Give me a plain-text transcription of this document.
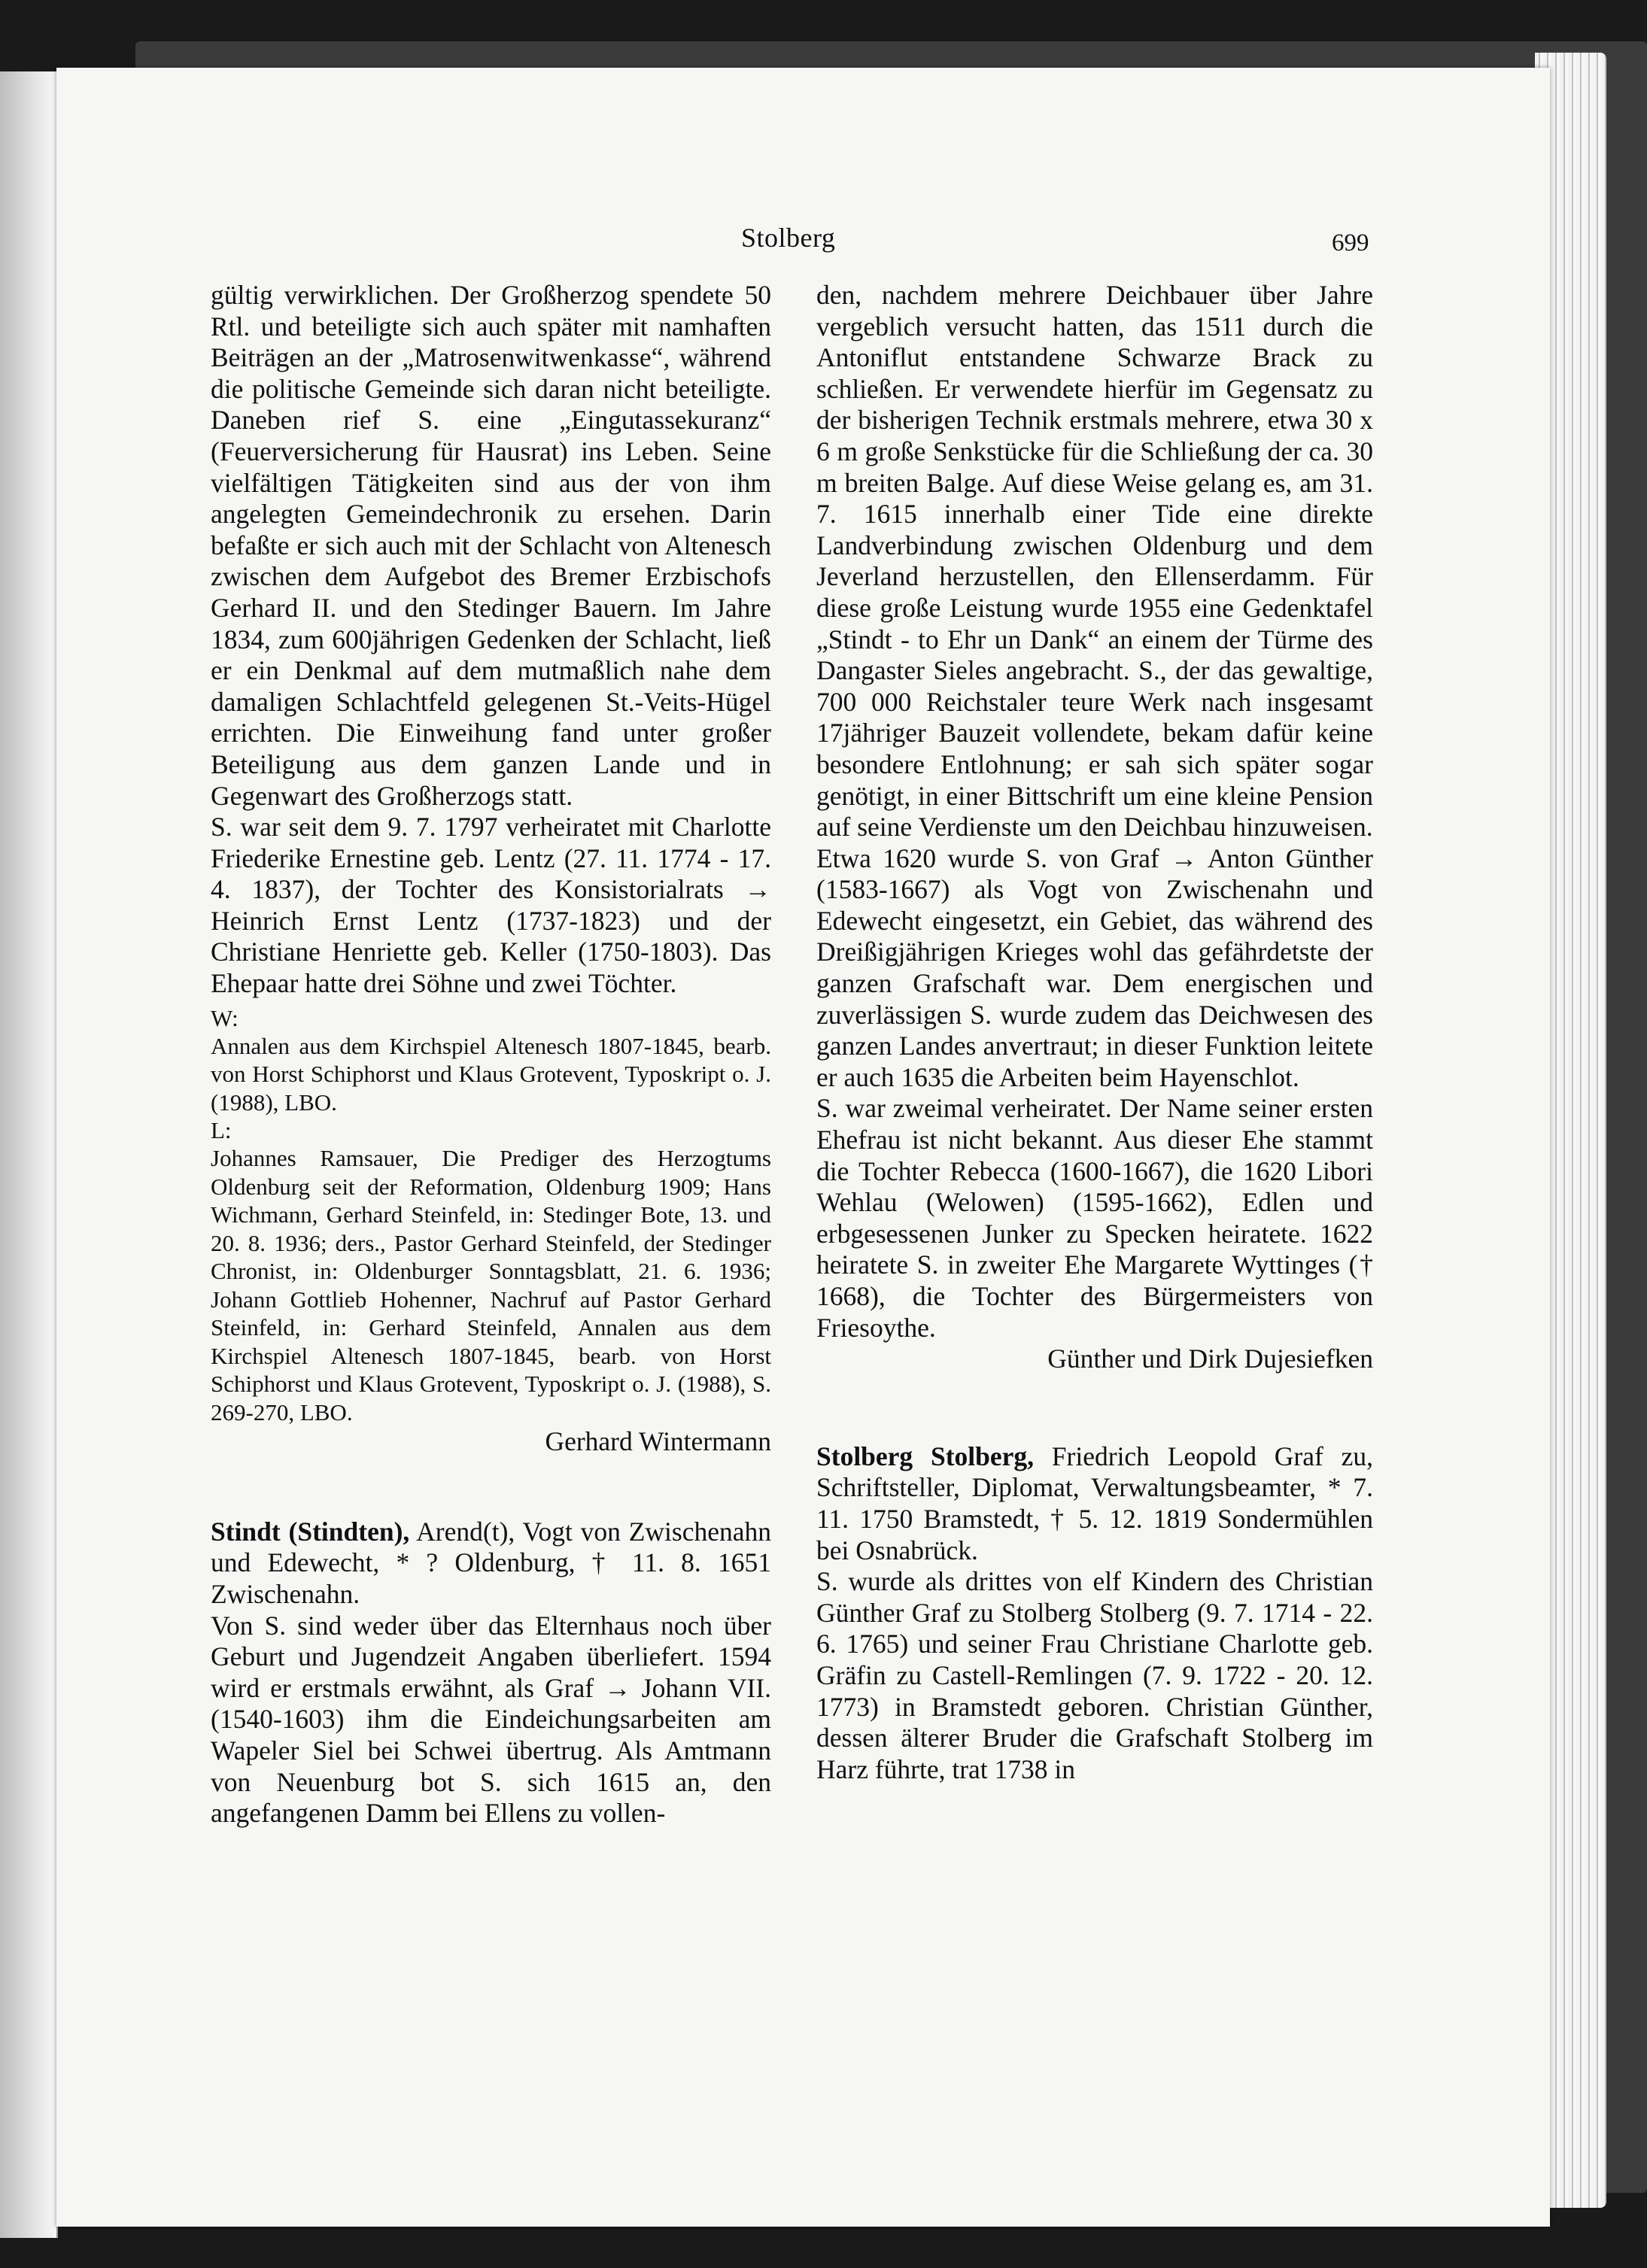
Stolberg	699

gültig verwirklichen. Der Großherzog spendete 50 Rtl. und beteiligte sich auch später mit namhaften Beiträgen an der „Matrosenwitwenkasse“, während die politische Gemeinde sich daran nicht beteiligte. Daneben rief S. eine „Eingutassekuranz“ (Feuerversicherung für Hausrat) ins Leben. Seine vielfältigen Tätigkeiten sind aus der von ihm angelegten Gemeindechronik zu ersehen. Darin befaßte er sich auch mit der Schlacht von Altenesch zwischen dem Aufgebot des Bremer Erzbischofs Gerhard II. und den Stedinger Bauern. Im Jahre 1834, zum 600jährigen Gedenken der Schlacht, ließ er ein Denkmal auf dem mutmaßlich nahe dem damaligen Schlachtfeld gelegenen St.-Veits-Hügel errichten. Die Einweihung fand unter großer Beteiligung aus dem ganzen Lande und in Gegenwart des Großherzogs statt.

S. war seit dem 9. 7. 1797 verheiratet mit Charlotte Friederike Ernestine geb. Lentz (27. 11. 1774 - 17. 4. 1837), der Tochter des Konsistorialrats → Heinrich Ernst Lentz (1737-1823) und der Christiane Henriette geb. Keller (1750-1803). Das Ehepaar hatte drei Söhne und zwei Töchter.

W:

Annalen aus dem Kirchspiel Altenesch 1807-1845, bearb. von Horst Schiphorst und Klaus Grotevent, Typoskript o. J. (1988), LBO.

L:

Johannes Ramsauer, Die Prediger des Herzogtums Oldenburg seit der Reformation, Oldenburg 1909; Hans Wichmann, Gerhard Steinfeld, in: Stedinger Bote, 13. und 20. 8. 1936; ders., Pastor Gerhard Steinfeld, der Stedinger Chronist, in: Oldenburger Sonntagsblatt, 21. 6. 1936; Johann Gottlieb Hohenner, Nachruf auf Pastor Gerhard Steinfeld, in: Gerhard Steinfeld, Annalen aus dem Kirchspiel Altenesch 1807-1845, bearb. von Horst Schiphorst und Klaus Grotevent, Typoskript o. J. (1988), S. 269-270, LBO.

Gerhard Wintermann

Stindt (Stindten), Arend(t), Vogt von Zwischenahn und Edewecht, * ? Oldenburg, † 11. 8. 1651 Zwischenahn.

Von S. sind weder über das Elternhaus noch über Geburt und Jugendzeit Angaben überliefert. 1594 wird er erstmals erwähnt, als Graf → Johann VII. (1540-1603) ihm die Eindeichungsarbeiten am Wapeler Siel bei Schwei übertrug. Als Amtmann von Neuenburg bot S. sich 1615 an, den angefangenen Damm bei Ellens zu vollen-

den, nachdem mehrere Deichbauer über Jahre vergeblich versucht hatten, das 1511 durch die Antoniflut entstandene Schwarze Brack zu schließen. Er verwendete hierfür im Gegensatz zu der bisherigen Technik erstmals mehrere, etwa 30 x 6 m große Senkstücke für die Schließung der ca. 30 m breiten Balge. Auf diese Weise gelang es, am 31. 7. 1615 innerhalb einer Tide eine direkte Landverbindung zwischen Oldenburg und dem Jeverland herzustellen, den Ellenserdamm. Für diese große Leistung wurde 1955 eine Gedenktafel „Stindt - to Ehr un Dank“ an einem der Türme des Dangaster Sieles angebracht. S., der das gewaltige, 700 000 Reichstaler teure Werk nach insgesamt 17jähriger Bauzeit vollendete, bekam dafür keine besondere Entlohnung; er sah sich später sogar genötigt, in einer Bittschrift um eine kleine Pension auf seine Verdienste um den Deichbau hinzuweisen.

Etwa 1620 wurde S. von Graf → Anton Günther (1583-1667) als Vogt von Zwischenahn und Edewecht eingesetzt, ein Gebiet, das während des Dreißigjährigen Krieges wohl das gefährdetste der ganzen Grafschaft war. Dem energischen und zuverlässigen S. wurde zudem das Deichwesen des ganzen Landes anvertraut; in dieser Funktion leitete er auch 1635 die Arbeiten beim Hayenschlot.

S. war zweimal verheiratet. Der Name seiner ersten Ehefrau ist nicht bekannt. Aus dieser Ehe stammt die Tochter Rebecca (1600-1667), die 1620 Libori Wehlau (Welowen) (1595-1662), Edlen und erbgesessenen Junker zu Specken heiratete. 1622 heiratete S. in zweiter Ehe Margarete Wyttinges († 1668), die Tochter des Bürgermeisters von Friesoythe.

Günther und Dirk Dujesiefken

Stolberg Stolberg, Friedrich Leopold Graf zu, Schriftsteller, Diplomat, Verwaltungsbeamter, * 7. 11. 1750 Bramstedt, † 5. 12. 1819 Sondermühlen bei Osnabrück.

S. wurde als drittes von elf Kindern des Christian Günther Graf zu Stolberg Stolberg (9. 7. 1714 - 22. 6. 1765) und seiner Frau Christiane Charlotte geb. Gräfin zu Castell-Remlingen (7. 9. 1722 - 20. 12. 1773) in Bramstedt geboren. Christian Günther, dessen älterer Bruder die Grafschaft Stolberg im Harz führte, trat 1738 in
